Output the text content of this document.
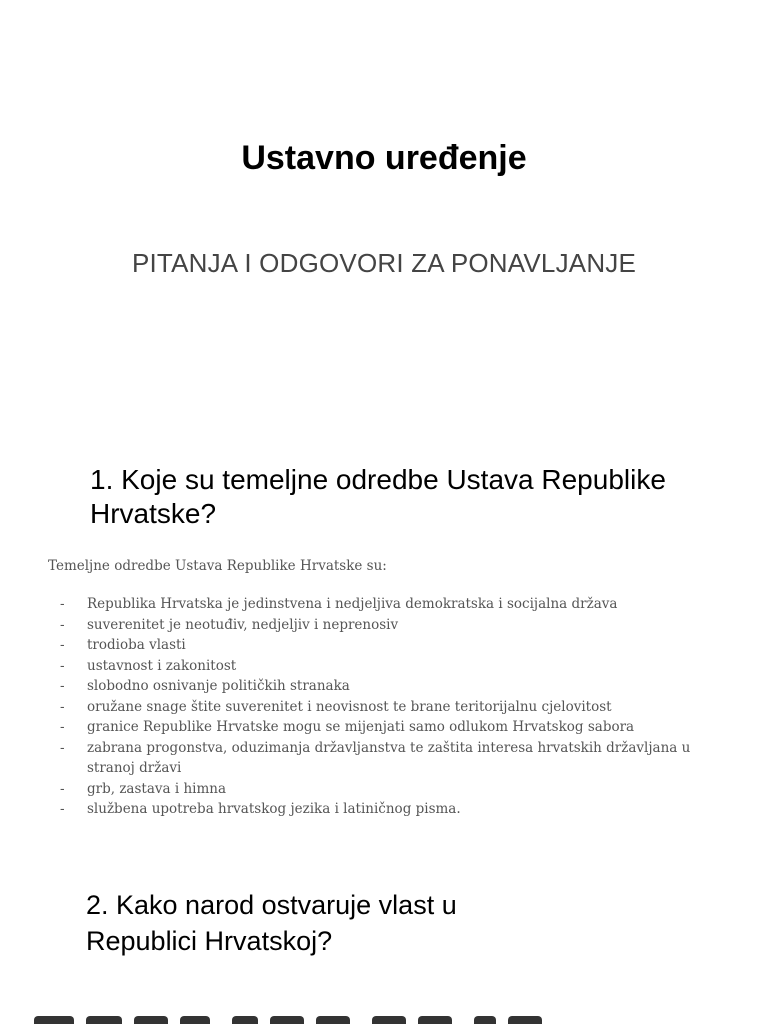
Ustavno uređenje
PITANJA I ODGOVORI ZA PONAVLJANJE
1. Koje su temeljne odredbe Ustava Republike Hrvatske?
Temeljne odredbe Ustava Republike Hrvatske su:
- Republika Hrvatska je jedinstvena i nedjeljiva demokratska i socijalna država
- suverenitet je neotuđiv, nedjeljiv i neprenosiv
- trodioba vlasti
- ustavnost i zakonitost
- slobodno osnivanje političkih stranaka
- oružane snage štite suverenitet i neovisnost te brane teritorijalnu cjelovitost
- granice Republike Hrvatske mogu se mijenjati samo odlukom Hrvatskog sabora
- zabrana progonstva, oduzimanja državljanstva te zaštita interesa hrvatskih državljana u stranoj državi
- grb, zastava i himna
- službena upotreba hrvatskog jezika i latiničnog pisma.
2. Kako narod ostvaruje vlast u Republici Hrvatskoj?
